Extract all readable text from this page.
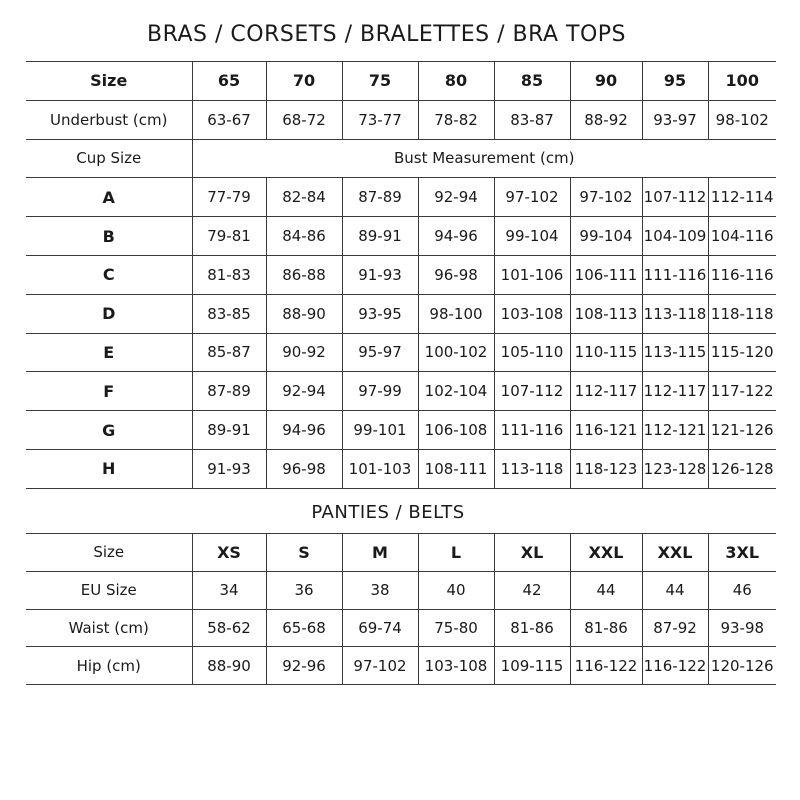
BRAS / CORSETS / BRALETTES / BRA TOPS
Size	65	70	75	80	85	90	95	100
Underbust (cm)	63-67	68-72	73-77	78-82	83-87	88-92	93-97	98-102
Cup Size	Bust Measurement (cm)							
A	77-79	82-84	87-89	92-94	97-102	97-102	107-112	112-114
B	79-81	84-86	89-91	94-96	99-104	99-104	104-109	104-116
C	81-83	86-88	91-93	96-98	101-106	106-111	111-116	116-116
D	83-85	88-90	93-95	98-100	103-108	108-113	113-118	118-118
E	85-87	90-92	95-97	100-102	105-110	110-115	113-115	115-120
F	87-89	92-94	97-99	102-104	107-112	112-117	112-117	117-122
G	89-91	94-96	99-101	106-108	111-116	116-121	112-121	121-126
H	91-93	96-98	101-103	108-111	113-118	118-123	123-128	126-128
PANTIES / BELTS
Size	XS	S	M	L	XL	XXL	XXL	3XL
EU Size	34	36	38	40	42	44	44	46
Waist (cm)	58-62	65-68	69-74	75-80	81-86	81-86	87-92	93-98
Hip (cm)	88-90	92-96	97-102	103-108	109-115	116-122	116-122	120-126
